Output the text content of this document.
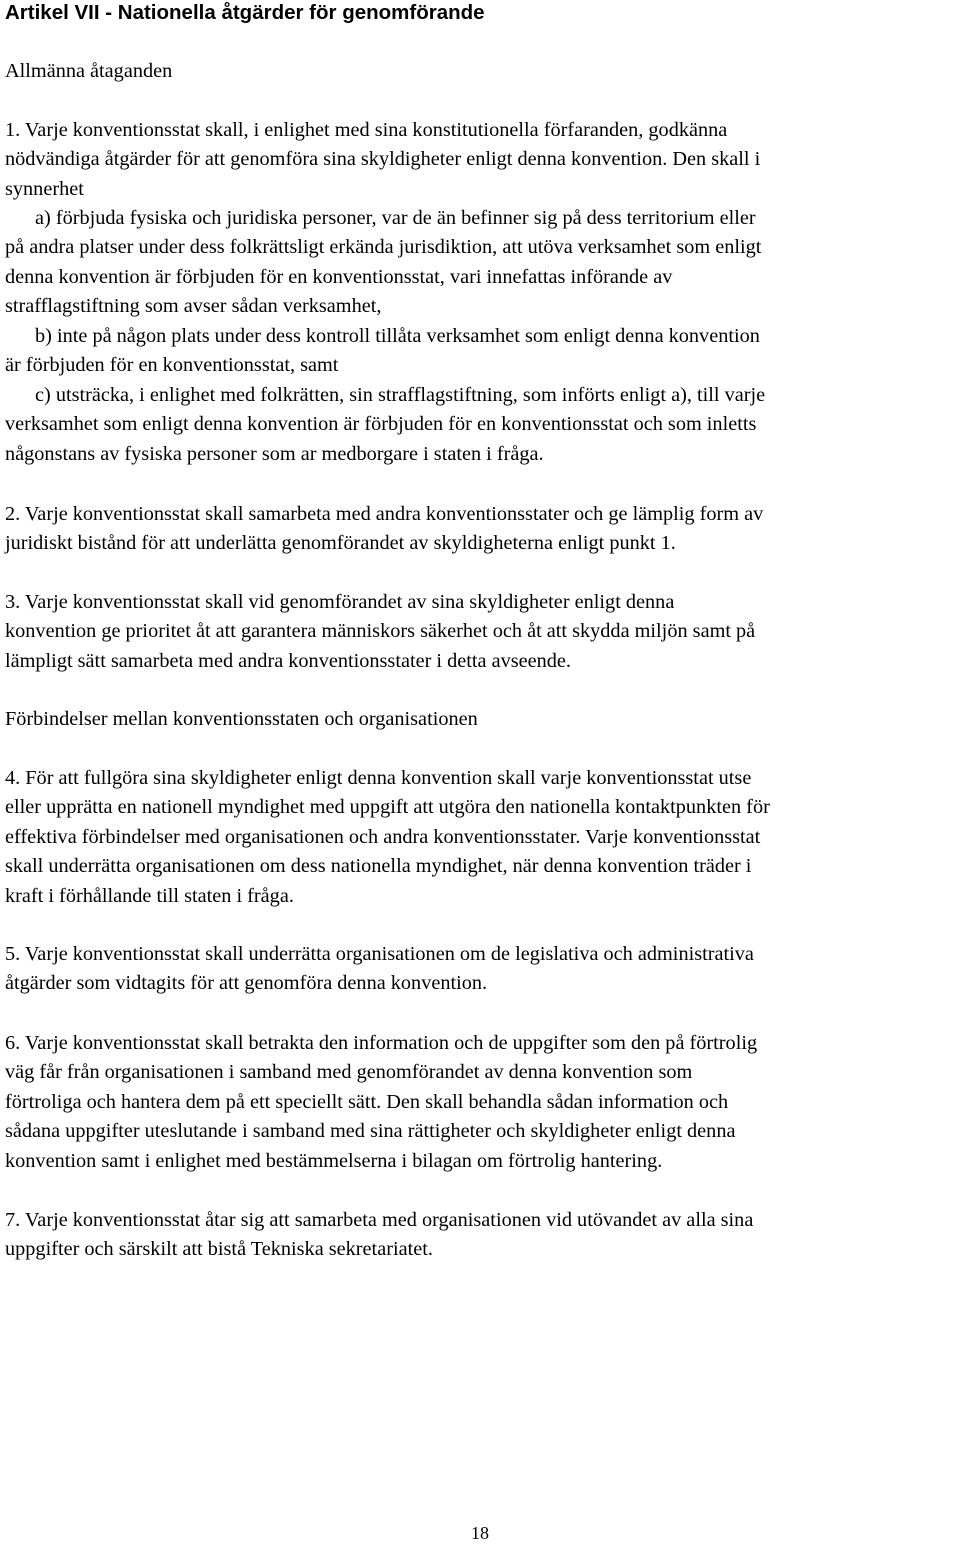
Artikel VII - Nationella åtgärder för genomförande

Allmänna åtaganden

1. Varje konventionsstat skall, i enlighet med sina konstitutionella förfaranden, godkänna
nödvändiga åtgärder för att genomföra sina skyldigheter enligt denna konvention. Den skall i
synnerhet

a) förbjuda fysiska och juridiska personer, var de än befinner sig på dess territorium eller
på andra platser under dess folkrättsligt erkända jurisdiktion, att utöva verksamhet som enligt
denna konvention är förbjuden för en konventionsstat, vari innefattas införande av
strafflagstiftning som avser sådan verksamhet,

b) inte på någon plats under dess kontroll tillåta verksamhet som enligt denna konvention
är förbjuden för en konventionsstat, samt

c) utsträcka, i enlighet med folkrätten, sin strafflagstiftning, som införts enligt a), till varje
verksamhet som enligt denna konvention är förbjuden för en konventionsstat och som inletts
någonstans av fysiska personer som ar medborgare i staten i fråga.

2. Varje konventionsstat skall samarbeta med andra konventionsstater och ge lämplig form av
juridiskt bistånd för att underlätta genomförandet av skyldigheterna enligt punkt 1.

3. Varje konventionsstat skall vid genomförandet av sina skyldigheter enligt denna
konvention ge prioritet åt att garantera människors säkerhet och åt att skydda miljön samt på
lämpligt sätt samarbeta med andra konventionsstater i detta avseende.

Förbindelser mellan konventionsstaten och organisationen

4. För att fullgöra sina skyldigheter enligt denna konvention skall varje konventionsstat utse
eller upprätta en nationell myndighet med uppgift att utgöra den nationella kontaktpunkten för
effektiva förbindelser med organisationen och andra konventionsstater. Varje konventionsstat
skall underrätta organisationen om dess nationella myndighet, när denna konvention träder i
kraft i förhållande till staten i fråga.

5. Varje konventionsstat skall underrätta organisationen om de legislativa och administrativa
åtgärder som vidtagits för att genomföra denna konvention.

6. Varje konventionsstat skall betrakta den information och de uppgifter som den på förtrolig
väg får från organisationen i samband med genomförandet av denna konvention som
förtroliga och hantera dem på ett speciellt sätt. Den skall behandla sådan information och
sådana uppgifter uteslutande i samband med sina rättigheter och skyldigheter enligt denna
konvention samt i enlighet med bestämmelserna i bilagan om förtrolig hantering.

7. Varje konventionsstat åtar sig att samarbeta med organisationen vid utövandet av alla sina
uppgifter och särskilt att bistå Tekniska sekretariatet.

18
